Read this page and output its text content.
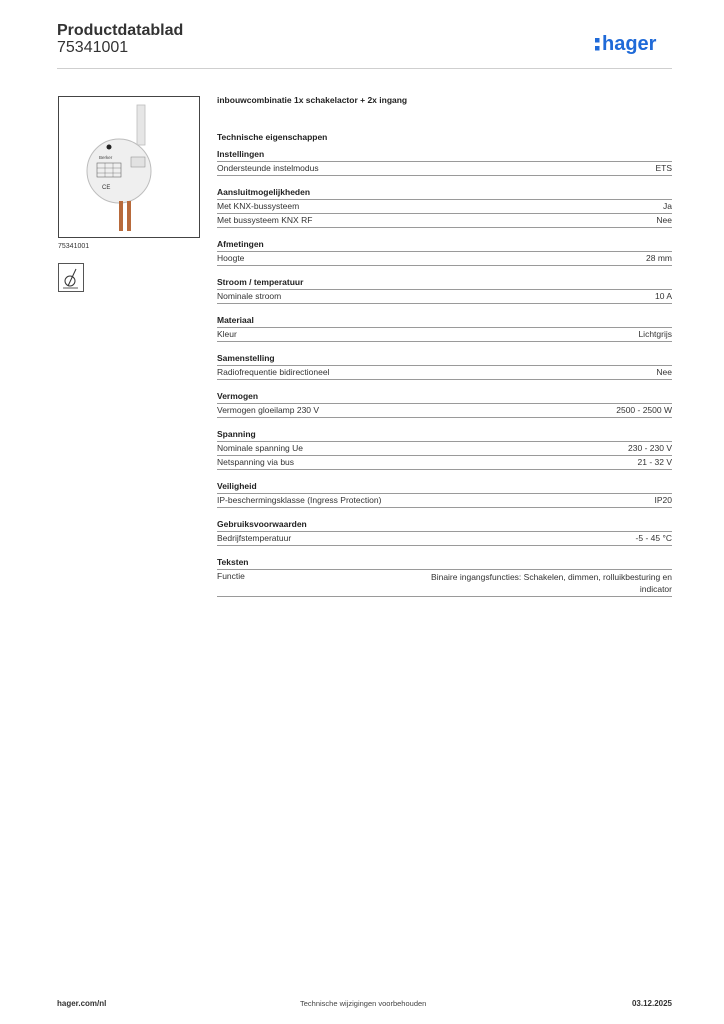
Productdatablad
75341001	hager
Berker
CE
75341001
inbouwcombinatie 1x schakelactor + 2x ingang
Technische eigenschappen
Instellingen
Ondersteunde instelmodus	ETS
Aansluitmogelijkheden
Met KNX-bussysteem	Ja
Met bussysteem KNX RF	Nee
Afmetingen
Hoogte	28 mm
Stroom / temperatuur
Nominale stroom	10 A
Materiaal
Kleur	Lichtgrijs
Samenstelling
Radiofrequentie bidirectioneel	Nee
Vermogen
Vermogen gloeilamp 230 V	2500 - 2500 W
Spanning
Nominale spanning Ue	230 - 230 V
Netspanning via bus	21 - 32 V
Veiligheid
IP-beschermingsklasse (Ingress Protection)	IP20
Gebruiksvoorwaarden
Bedrijfstemperatuur	-5 - 45 °C
Teksten
Functie	Binaire ingangsfuncties: Schakelen, dimmen, rolluikbesturing en indicator
hager.com/nl	Technische wijzigingen voorbehouden	03.12.2025
